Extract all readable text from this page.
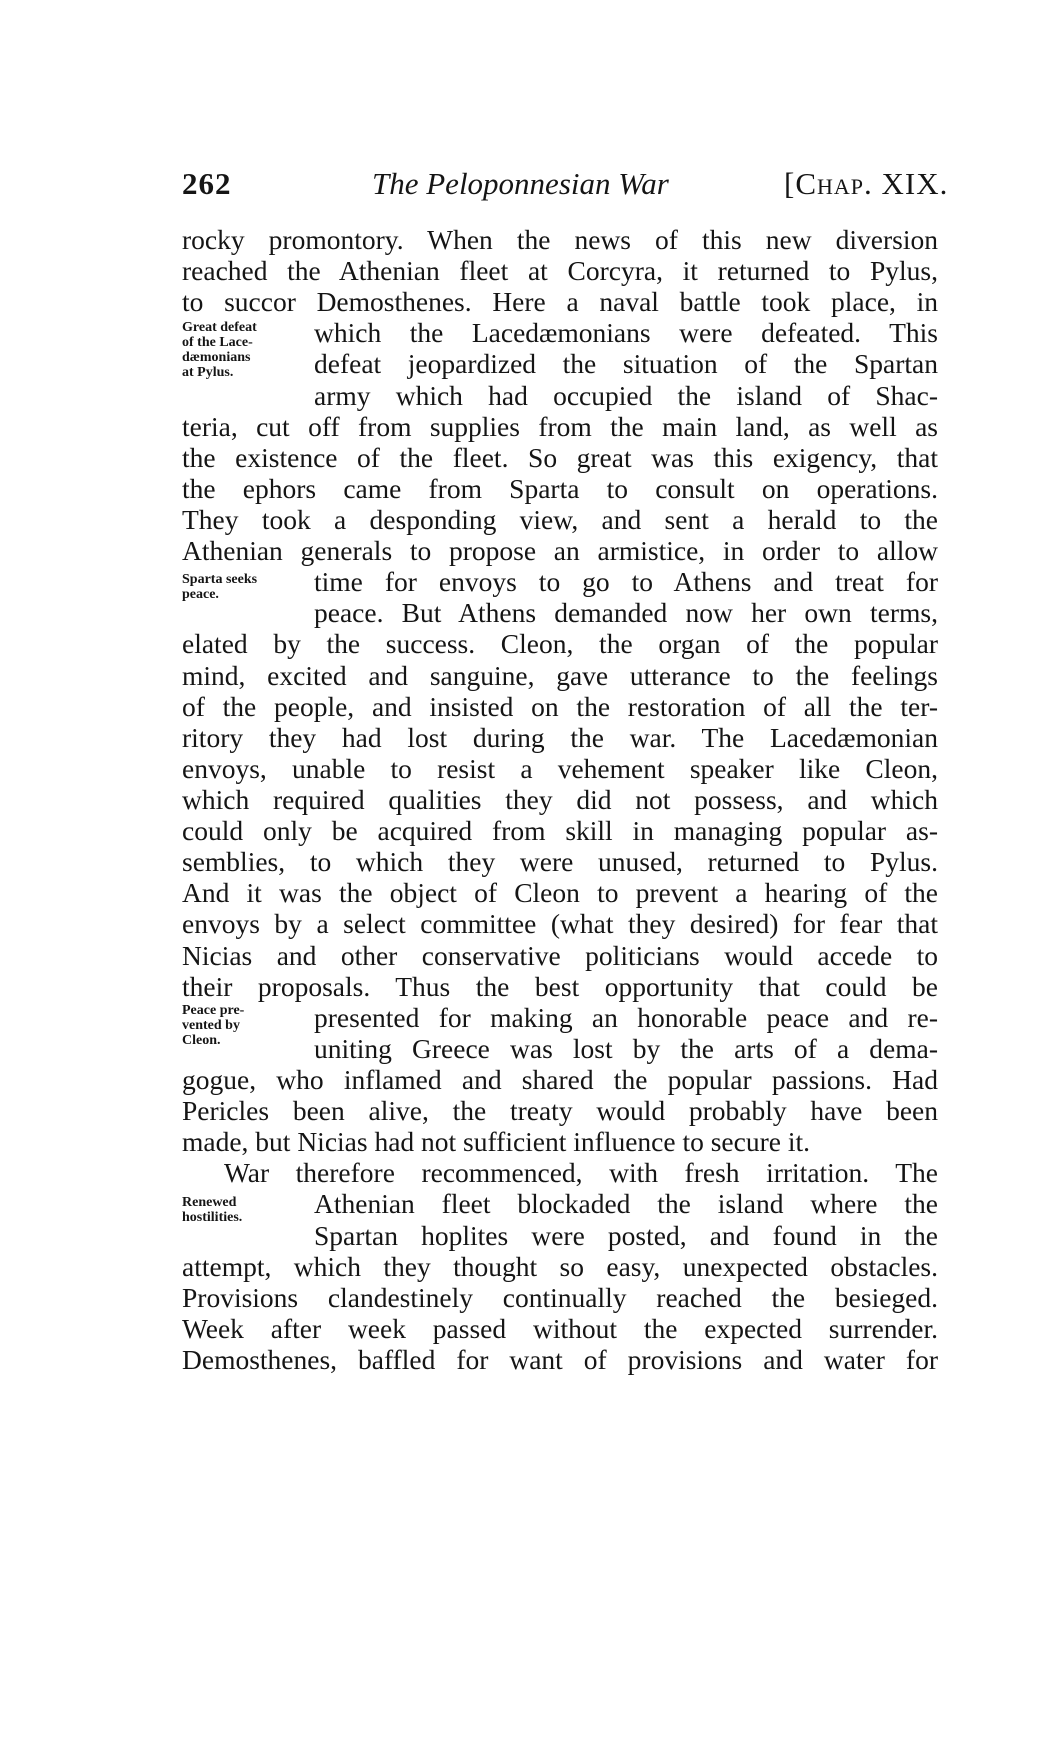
262	The Peloponnesian War	[Chap. XIX.
rocky promontory. When the news of this new diversion
reached the Athenian fleet at Corcyra, it returned to Pylus,
to succor Demosthenes. Here a naval battle took place, in
which the Lacedæmonians were defeated. This
defeat jeopardized the situation of the Spartan
army which had occupied the island of Shac-
teria, cut off from supplies from the main land, as well as
the existence of the fleet. So great was this exigency, that
the ephors came from Sparta to consult on operations.
They took a desponding view, and sent a herald to the
Athenian generals to propose an armistice, in order to allow
time for envoys to go to Athens and treat for
peace. But Athens demanded now her own terms,
elated by the success. Cleon, the organ of the popular
mind, excited and sanguine, gave utterance to the feelings
of the people, and insisted on the restoration of all the ter-
ritory they had lost during the war. The Lacedæmonian
envoys, unable to resist a vehement speaker like Cleon,
which required qualities they did not possess, and which
could only be acquired from skill in managing popular as-
semblies, to which they were unused, returned to Pylus.
And it was the object of Cleon to prevent a hearing of the
envoys by a select committee (what they desired) for fear that
Nicias and other conservative politicians would accede to
their proposals. Thus the best opportunity that could be
presented for making an honorable peace and re-
uniting Greece was lost by the arts of a dema-
gogue, who inflamed and shared the popular passions. Had
Pericles been alive, the treaty would probably have been
made, but Nicias had not sufficient influence to secure it.
War therefore recommenced, with fresh irritation. The
Athenian fleet blockaded the island where the
Spartan hoplites were posted, and found in the
attempt, which they thought so easy, unexpected obstacles.
Provisions clandestinely continually reached the besieged.
Week after week passed without the expected surrender.
Demosthenes, baffled for want of provisions and water for
Great defeat
of the Lace-
dæmonians
at Pylus.
Sparta seeks
peace.
Peace pre-
vented by
Cleon.
Renewed
hostilities.
